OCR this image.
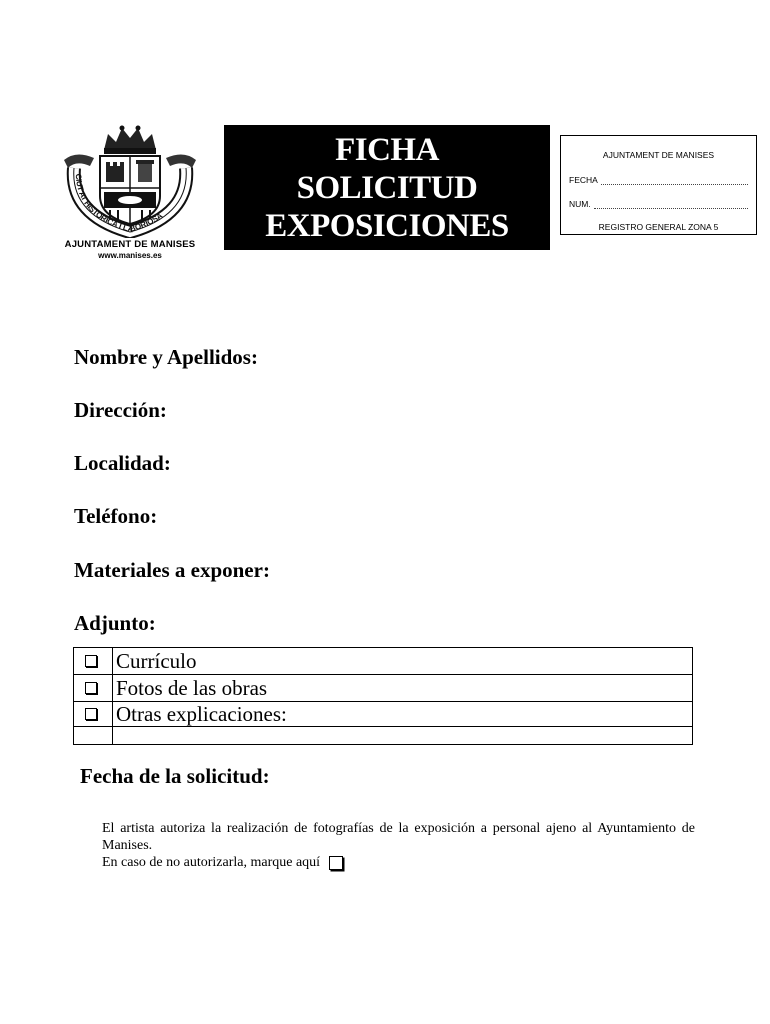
CIUT AT HISTORICA I LABORIOSA
AJUNTAMENT DE MANISES
www.manises.es
FICHA
SOLICITUD
EXPOSICIONES
AJUNTAMENT DE MANISES
FECHA
NUM.
REGISTRO GENERAL ZONA 5
Nombre y Apellidos:
Dirección:
Localidad:
Teléfono:
Materiales a exponer:
Adjunto:
Currículo
Fotos de las obras
Otras explicaciones:
Fecha de la solicitud:
El artista autoriza la realización de fotografías de la exposición a personal ajeno al Ayuntamiento de Manises.
En caso de no autorizarla, marque aquí
